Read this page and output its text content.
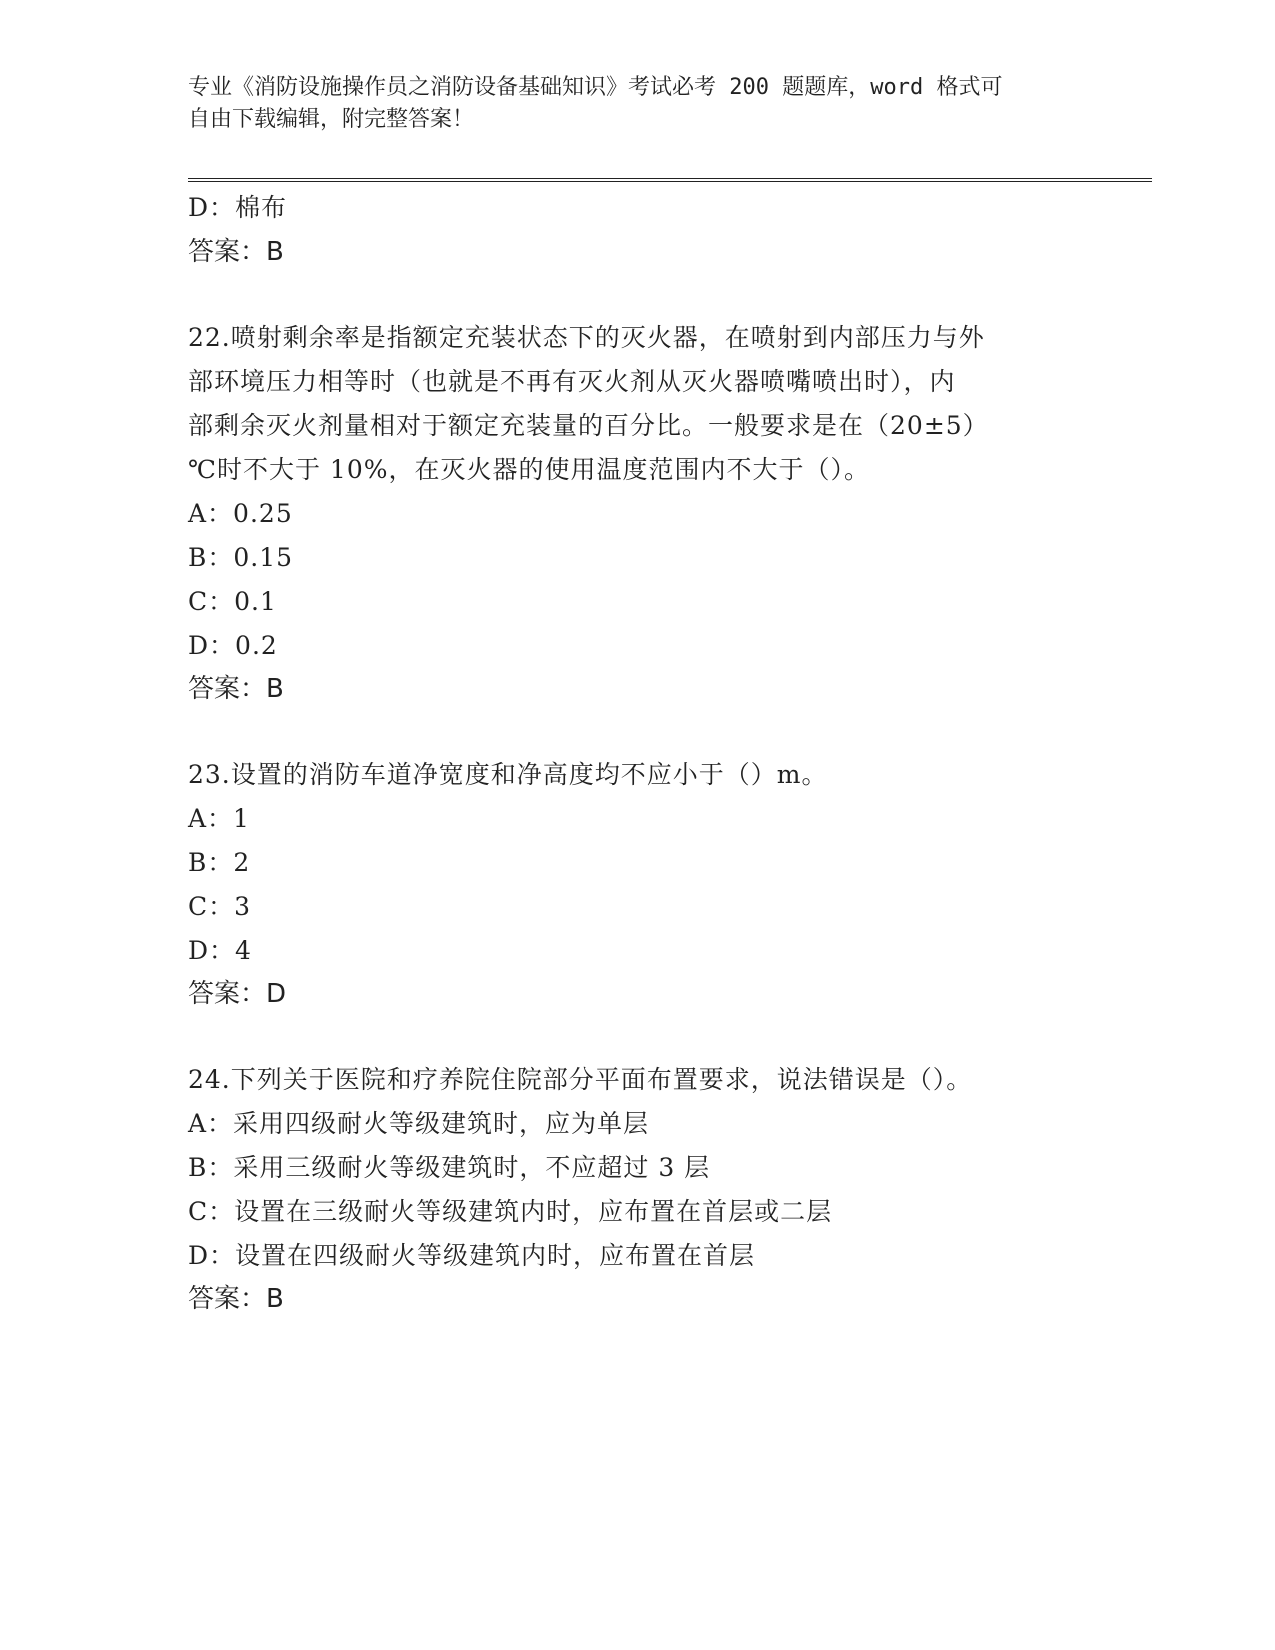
专业《消防设施操作员之消防设备基础知识》考试必考 200 题题库，word 格式可
自由下载编辑，附完整答案！
D：棉布
答案：B
22.喷射剩余率是指额定充装状态下的灭火器，在喷射到内部压力与外
部环境压力相等时（也就是不再有灭火剂从灭火器喷嘴喷出时），内
部剩余灭火剂量相对于额定充装量的百分比。一般要求是在（20±5）
℃时不大于 10%，在灭火器的使用温度范围内不大于（）。
A：0.25
B：0.15
C：0.1
D：0.2
答案：B
23.设置的消防车道净宽度和净高度均不应小于（）m。
A：1
B：2
C：3
D：4
答案：D
24.下列关于医院和疗养院住院部分平面布置要求，说法错误是（）。
A：采用四级耐火等级建筑时，应为单层
B：采用三级耐火等级建筑时，不应超过 3 层
C：设置在三级耐火等级建筑内时，应布置在首层或二层
D：设置在四级耐火等级建筑内时，应布置在首层
答案：B
